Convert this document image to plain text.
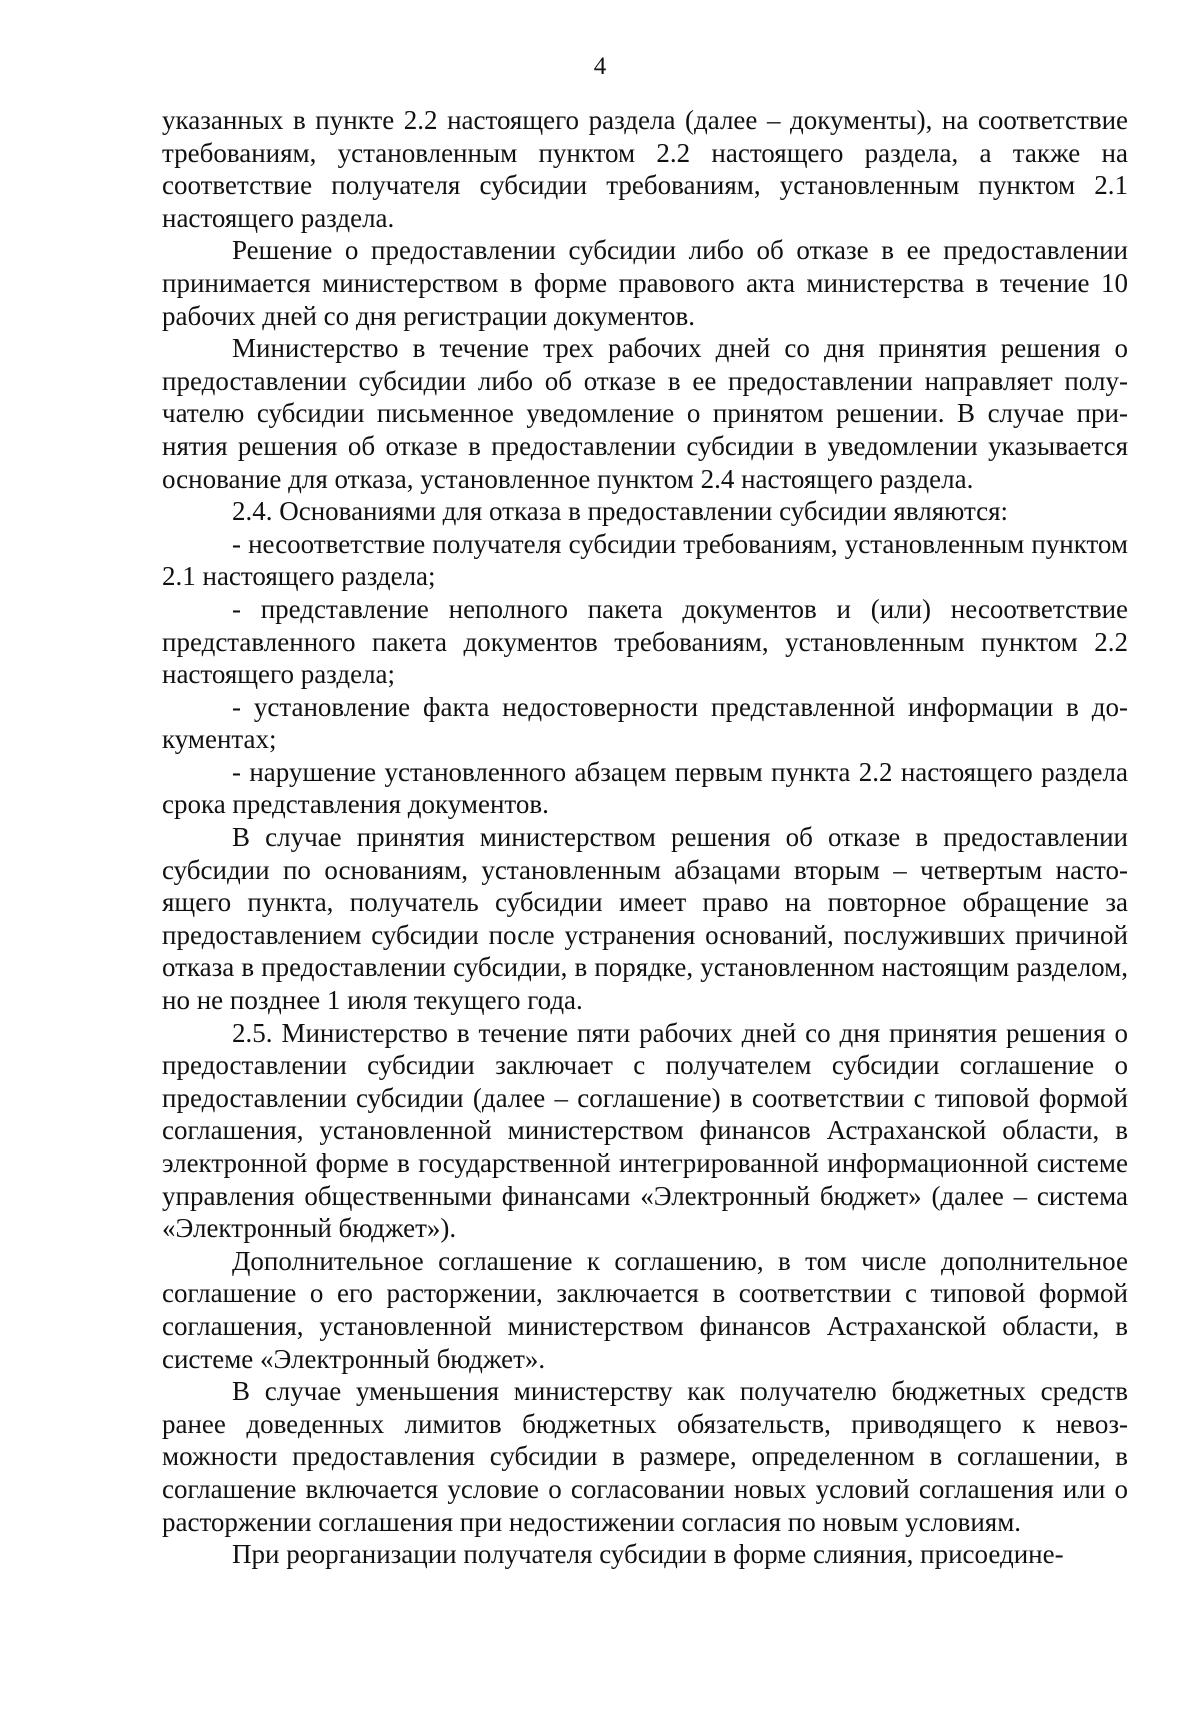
4

указанных в пункте 2.2 настоящего раздела (далее – документы), на соответствие требованиям, установленным пунктом 2.2 настоящего раздела, а также на соответствие получателя субсидии требованиям, установленным пунктом 2.1 настоящего раздела.

Решение о предоставлении субсидии либо об отказе в ее предоставлении принимается министерством в форме правового акта министерства в течение 10 рабочих дней со дня регистрации документов.

Министерство в течение трех рабочих дней со дня принятия решения о предоставлении субсидии либо об отказе в ее предоставлении направляет получателю субсидии письменное уведомление о принятом решении. В случае принятия решения об отказе в предоставлении субсидии в уведомлении указывается основание для отказа, установленное пунктом 2.4 настоящего раздела.

2.4. Основаниями для отказа в предоставлении субсидии являются:

- несоответствие получателя субсидии требованиям, установленным пунктом 2.1 настоящего раздела;

- представление неполного пакета документов и (или) несоответствие представленного пакета документов требованиям, установленным пунктом 2.2 настоящего раздела;

- установление факта недостоверности представленной информации в документах;

- нарушение установленного абзацем первым пункта 2.2 настоящего раздела срока представления документов.

В случае принятия министерством решения об отказе в предоставлении субсидии по основаниям, установленным абзацами вторым – четвертым настоящего пункта, получатель субсидии имеет право на повторное обращение за предоставлением субсидии после устранения оснований, послуживших причиной отказа в предоставлении субсидии, в порядке, установленном настоящим разделом, но не позднее 1 июля текущего года.

2.5. Министерство в течение пяти рабочих дней со дня принятия решения о предоставлении субсидии заключает с получателем субсидии соглашение о предоставлении субсидии (далее – соглашение) в соответствии с типовой формой соглашения, установленной министерством финансов Астраханской области, в электронной форме в государственной интегрированной информационной системе управления общественными финансами «Электронный бюджет» (далее – система «Электронный бюджет»).

Дополнительное соглашение к соглашению, в том числе дополнительное соглашение о его расторжении, заключается в соответствии с типовой формой соглашения, установленной министерством финансов Астраханской области, в системе «Электронный бюджет».

В случае уменьшения министерству как получателю бюджетных средств ранее доведенных лимитов бюджетных обязательств, приводящего к невозможности предоставления субсидии в размере, определенном в соглашении, в соглашение включается условие о согласовании новых условий соглашения или о расторжении соглашения при недостижении согласия по новым условиям.

При реорганизации получателя субсидии в форме слияния, присоедине-
